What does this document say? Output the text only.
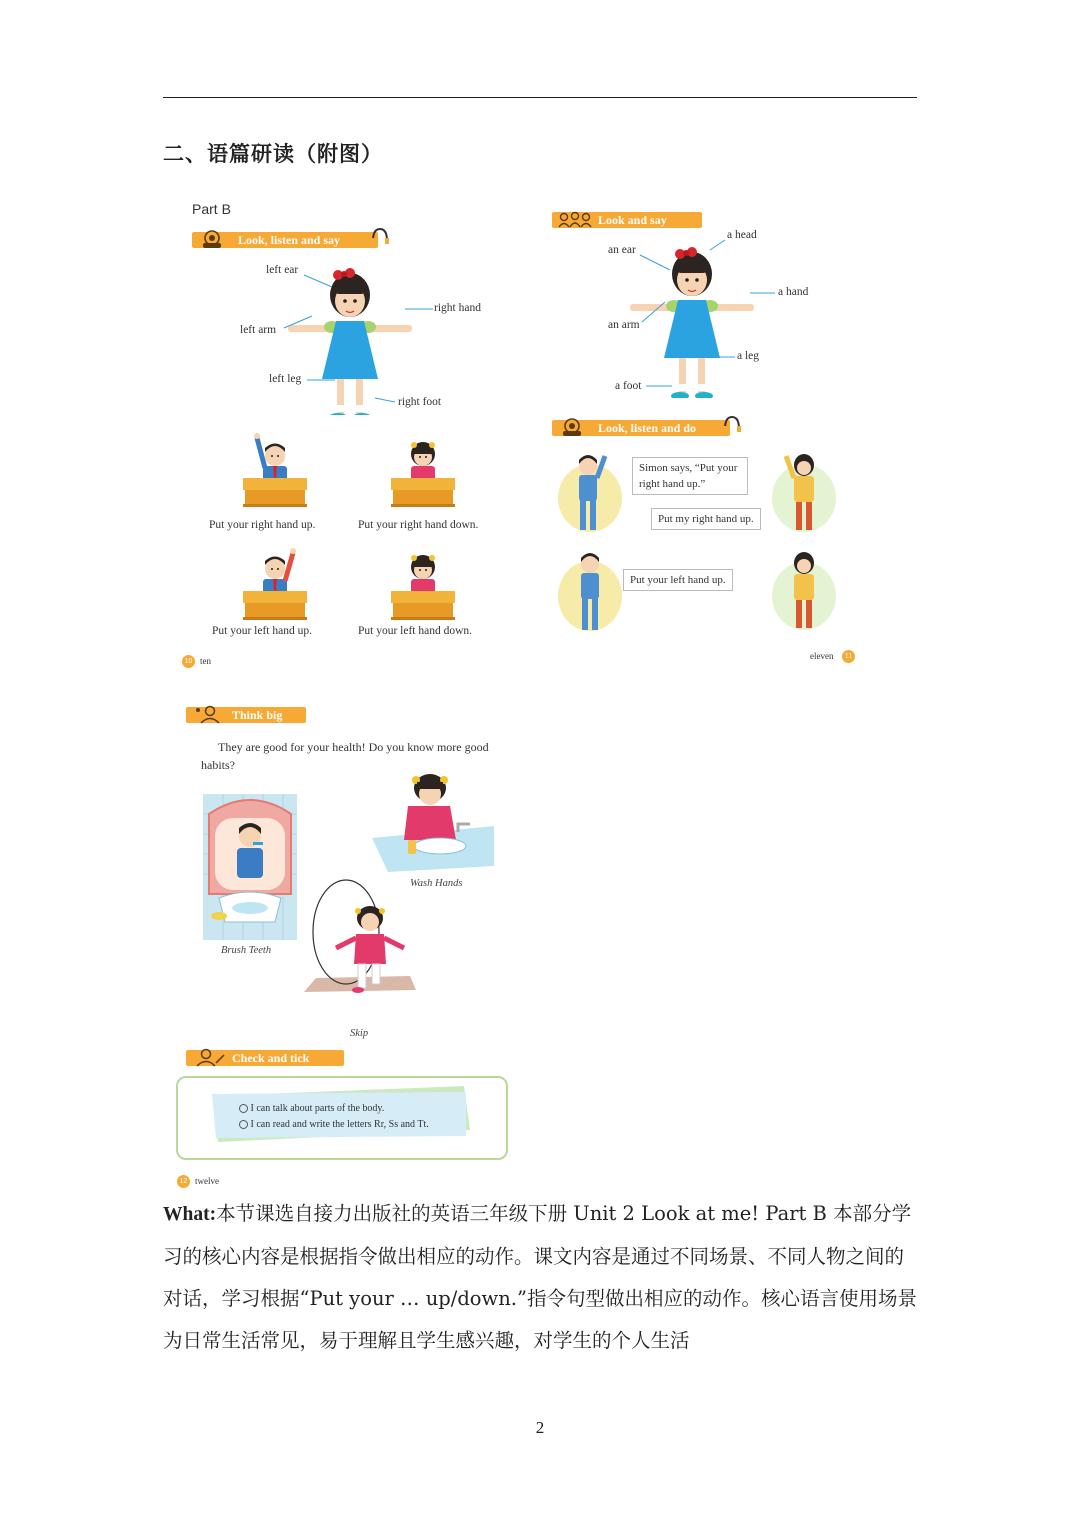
二、语篇研读（附图）
Part B
Look, listen and say
left ear
left arm
left leg
right hand
right foot
Put your right hand up.	Put your right hand down.
Put your left hand up.	Put your left hand down.
10 ten
Look and say
a head
an ear
a hand
an arm
a leg
a foot
Look, listen and do
Simon says, “Put your right hand up.”
Put my right hand up.
Put your left hand up.
eleven	11
Think big
They are good for your health! Do you know more good habits?
Brush Teeth
Wash Hands
Skip
Check and tick
I can talk about parts of the body.
I can read and write the letters Rr, Ss and Tt.
12 twelve
What:本节课选自接力出版社的英语三年级下册 Unit 2 Look at me! Part B 本部分学习的核心内容是根据指令做出相应的动作。课文内容是通过不同场景、不同人物之间的对话，学习根据“Put your … up/down.”指令句型做出相应的动作。核心语言使用场景为日常生活常见，易于理解且学生感兴趣，对学生的个人生活
2
